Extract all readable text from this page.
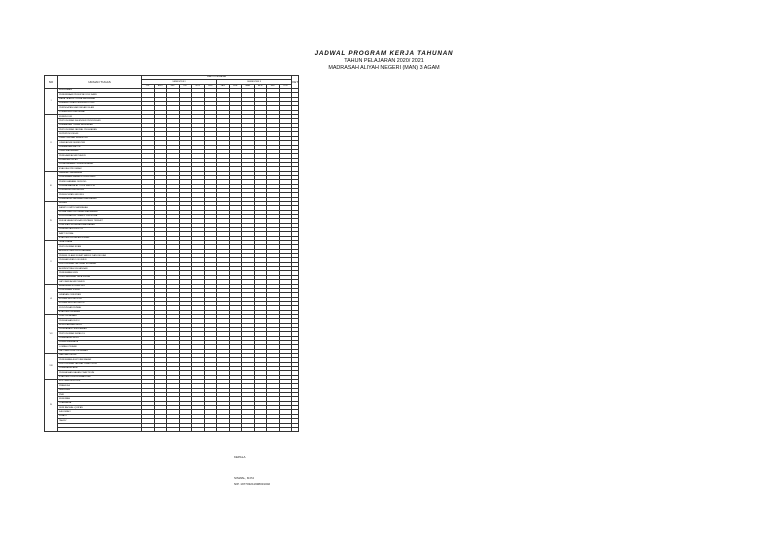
JADWAL PROGRAM KERJA TAHUNAN
TAHUN PELAJARAN 2020/ 2021
MADRASAH ALIYAH NEGERI (MAN) 3 AGAM
NO	URAIAN TUGAS	WAKTU KEGIATAN												KET
		SEMESTER I						SEMESTER II						
		JUL	AGU	SEP	OKT	NOV	DES	JAN	FEB	MAR	APR	MEI	JUN	
I	KESISWAAN													
	PENERIMAAN PESERTA DIDIK BARU													
	MASA TA'ARUF SISWA MADRASAH													
	PEMBENTUKAN PENGURUS OSIS													
	PERINGATAN HARI BESAR ISLAM													
	LOMBA SEKOLAH SEHAT													
II	KURIKULUM													
	PENYUSUNAN KALENDER PENDIDIKAN													
	PEMBAGIAN TUGAS MENGAJAR													
	PENYUSUNAN JADWAL PELAJARAN													
	SUPERVISI KELAS													
	UJIAN TENGAH SEMESTER													
	UJIAN AKHIR SEMESTER													
	PEMBAGIAN RAPOR													
	UJIAN MADRASAH													
	PENILAIAN AKHIR TAHUN													
	KENAIKAN KELAS													
	PELAKSANAAN PEMBELAJARAN													
	EVALUASI PROGRAM													
III	SARANA PRASARANA													
	PENDATAAN BARANG INVENTARIS													
	PEMELIHARAAN GEDUNG													
	PENGADAAN ALAT TULIS KANTOR													
	PERBAIKAN MEUBELER													
	PENGECATAN GEDUNG													
	PERAWATAN HALAMAN MADRASAH													
IV	HUMAS													
	RAPAT KOMITE MADRASAH													
	SOSIALISASI PROGRAM MADRASAH													
	KUNJUNGAN KE ORANG TUA SISWA													
	KERJA SAMA DENGAN INSTANSI TERKAIT													
	PUBLIKASI KEGIATAN MADRASAH													
	PENERBITAN BULETIN													
	BAKTI SOSIAL													
	EVALUASI KEGIATAN HUMAS													
V	TATA USAHA													
	PENYUSUNAN RKAM													
	ADMINISTRASI KEPEGAWAIAN													
	PENGELOLAAN SURAT MASUK DAN KELUAR													
	PENGARSIPAN DOKUMEN													
	PENYUSUNAN LAPORAN BULANAN													
	ADMINISTRASI KEUANGAN													
	PENDATAAN EMIS													
	PEMUTAKHIRAN DATA SISWA													
	LAPORAN AKHIR TAHUN													
VI	BIMBINGAN KONSELING													
	PENDATAAN SISWA													
	LAYANAN ORIENTASI													
	KONSELING INDIVIDU													
	KONSELING KELOMPOK													
	KUNJUNGAN RUMAH													
	EVALUASI LAYANAN													
VII	PERPUSTAKAAN													
	PENGADAAN BUKU													
	INVENTARISASI BUKU													
	PELAYANAN PEMINJAMAN													
	PENYUSUNAN KATALOG													
	PERAWATAN BUKU													
	PEKAN MEMBACA													
	LOMBA LITERASI													
	LAPORAN PERPUSTAKAAN													
VIII	LABORATORIUM													
	PENDATAAN ALAT DAN BAHAN													
	PENYUSUNAN JADWAL PRAKTIKUM													
	PERAWATAN ALAT													
	PENGADAAN BAHAN PRAKTIKUM													
	EVALUASI PENGGUNAAN LAB													
IX	EKSTRAKURIKULER													
	PRAMUKA													
	PASKIBRA													
	PMR													
	KESENIAN													
	OLAHRAGA													
	SENI BACA AL-QUR'AN													
	KALIGRAFI													
	PIDATO													
	TAHFIZ													

KEPALA
SISWAL, M.Pd
NIP. 197703211998031002
